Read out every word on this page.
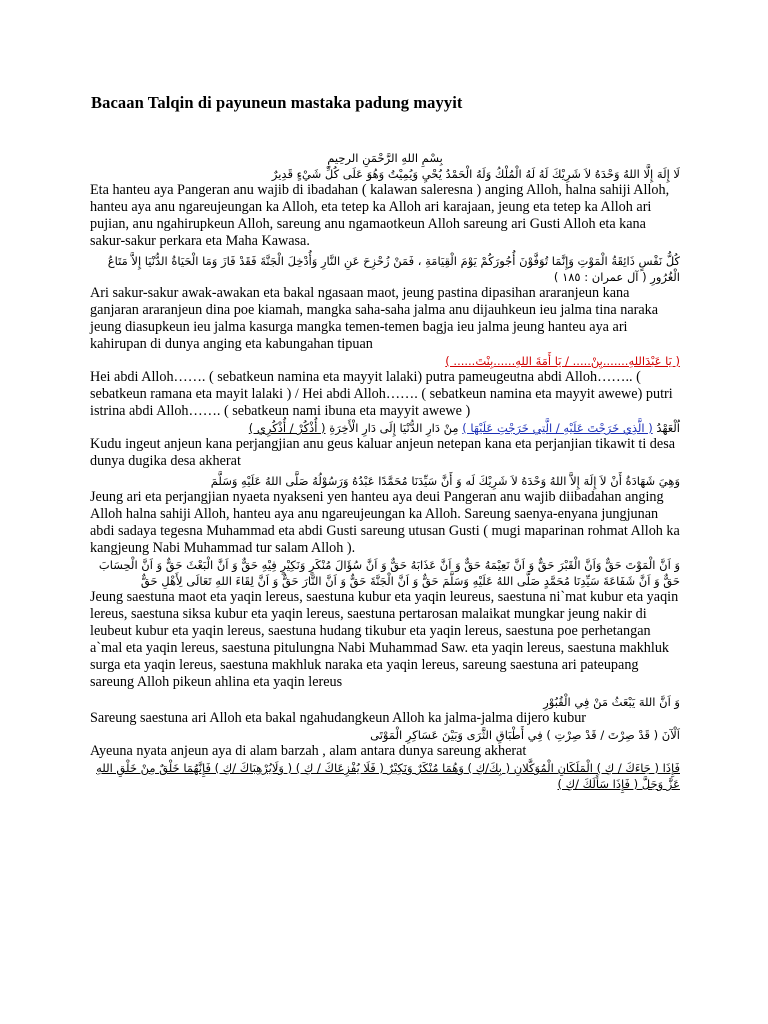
Bacaan Talqin di payuneun mastaka padung mayyit

بِسْمِ اللهِ الرَّحْمَنِ الرحِيمِ

لَا إِلَهَ إِلَّا اللهُ وَحْدَهُ لاَ شَرِيْكَ لَهُ لَهُ الْمُلْكُ وَلَهُ الْحَمْدُ يُحْيِ وَيُمِيْتُ وَهُوَ عَلَى كُلِّ شَيْءٍ قَدِيرٌ

Eta hanteu aya Pangeran anu wajib di ibadahan ( kalawan saleresna ) anging Alloh, halna sahiji Alloh, hanteu aya anu ngareujeungan ka Alloh, eta tetep ka Alloh ari karajaan, jeung eta tetep ka Alloh ari pujian, anu ngahirupkeun Alloh, sareung anu ngamaotkeun Alloh sareung ari Gusti Alloh eta kana sakur-sakur perkara eta Maha Kawasa.

كُلُّ نَفْسٍ ذَائِقَةُ الْمَوْتِ وَإِنَّمَا تُوَفَّوْنَ أُجُورَكُمْ يَوْمَ الْقِيَامَةِ ، فَمَنْ زُحْزِحَ عَنِ النَّارِ وَأُدْخِلَ الْجَنَّةَ فَقَدْ فَازَ وَمَا الْحَيَاةُ الدُّنْيَا إِلاَّ مَتَاعُ الْغُرُورِ ( آل عمران : ١٨٥ )

Ari sakur-sakur awak-awakan eta bakal ngasaan maot, jeung pastina dipasihan araranjeun kana ganjaran araranjeun dina poe kiamah, mangka saha-saha jalma anu dijauhkeun ieu jalma tina naraka jeung diasupkeun ieu jalma kasurga mangka temen-temen bagja ieu jalma jeung hanteu aya ari kahirupan di dunya anging eta kabungahan tipuan

( يَا عَبْدَاللهِ.......بِنْ..... / يَا أَمَةَ اللهِ......بِنْتَ...... )

Hei abdi Alloh……. ( sebatkeun namina eta mayyit lalaki) putra pameugeutna abdi Alloh…….. ( sebatkeun ramana eta mayit lalaki ) / Hei abdi Alloh……. ( sebatkeun namina eta mayyit awewe) putri istrina abdi Alloh……. ( sebatkeun nami ibuna eta mayyit awewe )

اُلْعَهْدُ ( الَّذِي خَرَجْتَ عَلَيْهِ / الَّتِي خَرَجْتِ عَلَيْهَا ) مِنْ دَارِ الدُّنْيَا إِلَى دَارِ الْأَخِرَةِ ( أُذْكُرْ / أُذْكُرِي )

Kudu ingeut anjeun kana perjangjian anu geus kaluar anjeun netepan kana eta perjanjian tikawit ti desa dunya dugika desa akherat

وَهِيَ شَهَادَةُ أَنْ لاَ إِلَهَ إِلاَّ اللهُ وَحْدَهُ لاَ شَرِيْكَ لَه وَ أَنَّ سَيِّدَنَا مُحَمَّدًا عَبْدُهُ وَرَسُوْلُهُ صَلَّى اللهُ عَلَيْهِ وَسَلَّمَ

Jeung ari eta perjangjian nyaeta nyakseni yen hanteu aya deui Pangeran anu wajib diibadahan anging Alloh halna sahiji Alloh, hanteu aya anu ngareujeungan ka Alloh. Sareung saenya-enyana jungjunan abdi sadaya tegesna Muhammad eta abdi Gusti sareung utusan Gusti ( mugi maparinan rohmat Alloh ka kangjeung Nabi Muhammad tur salam Alloh ).

وَ اَنَّ الْمَوْتَ حَقٌّ وَاَنَّ الْقَبْرَ حَقٌّ وَ اَنَّ نَعِيْمَهُ حَقٌّ وَ اَنَّ عَذَابَهُ حَقٌّ وَ اَنَّ سُؤَالَ مُنْكَرٍ وَنَكِيْرٍ فِيْهِ حَقٌّ وَ اَنَّ الْبَعْثَ حَقٌّ وَ اَنَّ الْحِسَابَ حَقٌّ وَ اَنَّ شَفَاعَةَ سَيِّدِنَا مُحَمَّدٍ صَلَّى اللهُ عَلَيْهِ وَسَلَّمَ حَقٌّ وَ اَنَّ الْجَنَّةَ حَقٌّ وَ اَنَّ النَّارَ حَقٌّ وَ اَنَّ لِقَاءَ اللهِ تَعَالَى لِأَهْلِ حَقٌّ

Jeung saestuna maot eta yaqin lereus, saestuna kubur eta yaqin leureus, saestuna ni`mat kubur eta yaqin lereus, saestuna siksa kubur eta yaqin lereus, saestuna pertarosan malaikat mungkar jeung nakir di leubeut kubur eta yaqin lereus, saestuna hudang tikubur eta yaqin lereus, saestuna poe perhetangan a`mal eta yaqin lereus, saestuna pitulungna Nabi Muhammad Saw. eta yaqin lereus, saestuna makhluk surga eta yaqin lereus, saestuna makhluk naraka eta yaqin lereus, sareung saestuna ari pateupang sareung Alloh pikeun ahlina eta yaqin lereus

وَ اَنَّ اللهَ يَبْعَثُ مَنْ فِي الْقُبُوْرِ

Sareung saestuna ari Alloh eta bakal ngahudangkeun Alloh ka jalma-jalma dijero kubur

اَلْآنَ ( قَدْ صِرْتَ / قَدْ صِرْتِ ) فِي أَطْبَاقِ الثَّرَى وَبَيْنَ عَسَاكِرِ الْمَوْتَى

Ayeuna nyata anjeun aya di alam barzah , alam antara dunya sareung akherat

فَإِذَا ( جَاءَكَ / كِ ) الْمَلَكَانِ الْمُوَكَّلانِ ( بِكَ/كِ ) وَهُمَا مُنْكَرٌ وَنَكِيْرٌ ( فَلَا يُفْزِعَاكَ / كِ ) ( وَلَايُرْهِبَاكَ /كِ ) فَإِنَّهُمَا خَلْقٌ مِنْ خَلْقِ اللهِ عَزَّ وَجَلَّ ( فَإِذَا سَأَلَكَ /كِ )
